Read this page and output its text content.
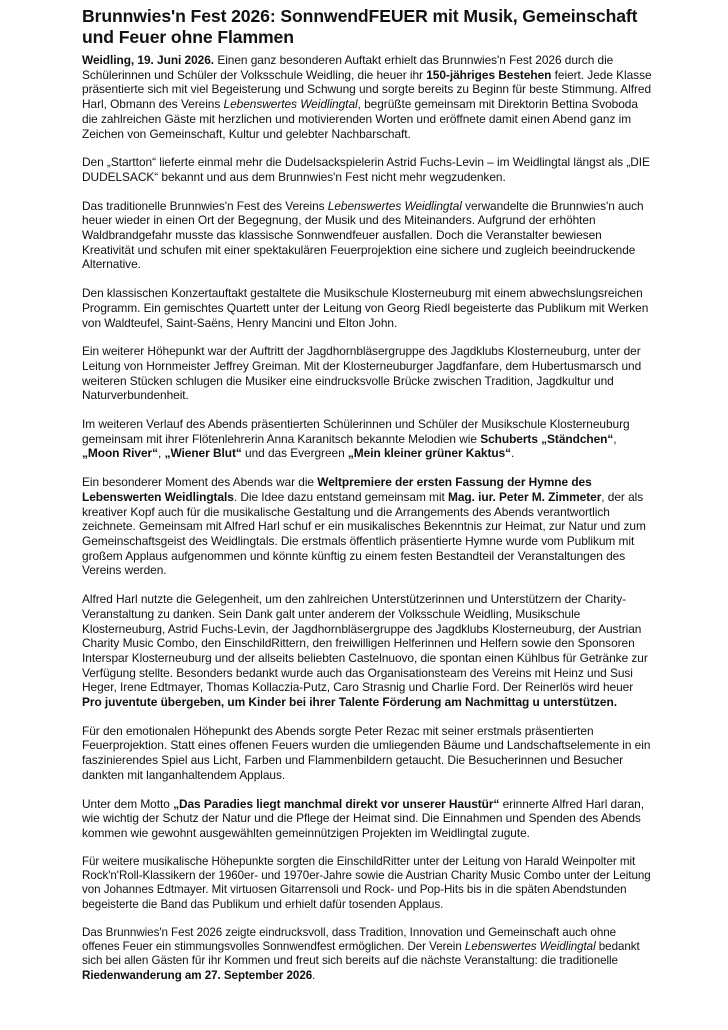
Brunnwies'n Fest 2026: SonnwendFEUER mit Musik, Gemeinschaft und Feuer ohne Flammen

Weidling, 19. Juni 2026. Einen ganz besonderen Auftakt erhielt das Brunnwies'n Fest 2026 durch die Schülerinnen und Schüler der Volksschule Weidling, die heuer ihr 150-jähriges Bestehen feiert. Jede Klasse präsentierte sich mit viel Begeisterung und Schwung und sorgte bereits zu Beginn für beste Stimmung. Alfred Harl, Obmann des Vereins Lebenswertes Weidlingtal, begrüßte gemeinsam mit Direktorin Bettina Svoboda die zahlreichen Gäste mit herzlichen und motivierenden Worten und eröffnete damit einen Abend ganz im Zeichen von Gemeinschaft, Kultur und gelebter Nachbarschaft.

Den „Startton“ lieferte einmal mehr die Dudelsackspielerin Astrid Fuchs-Levin – im Weidlingtal längst als „DIE DUDELSACK“ bekannt und aus dem Brunnwies'n Fest nicht mehr wegzudenken.

Das traditionelle Brunnwies'n Fest des Vereins Lebenswertes Weidlingtal verwandelte die Brunnwies'n auch heuer wieder in einen Ort der Begegnung, der Musik und des Miteinanders. Aufgrund der erhöhten Waldbrandgefahr musste das klassische Sonnwendfeuer ausfallen. Doch die Veranstalter bewiesen Kreativität und schufen mit einer spektakulären Feuerprojektion eine sichere und zugleich beeindruckende Alternative.

Den klassischen Konzertauftakt gestaltete die Musikschule Klosterneuburg mit einem abwechslungsreichen Programm. Ein gemischtes Quartett unter der Leitung von Georg Riedl begeisterte das Publikum mit Werken von Waldteufel, Saint-Saëns, Henry Mancini und Elton John.

Ein weiterer Höhepunkt war der Auftritt der Jagdhornbläsergruppe des Jagdklubs Klosterneuburg, unter der Leitung von Hornmeister Jeffrey Greiman. Mit der Klosterneuburger Jagdfanfare, dem Hubertusmarsch und weiteren Stücken schlugen die Musiker eine eindrucksvolle Brücke zwischen Tradition, Jagdkultur und Naturverbundenheit.

Im weiteren Verlauf des Abends präsentierten Schülerinnen und Schüler der Musikschule Klosterneuburg gemeinsam mit ihrer Flötenlehrerin Anna Karanitsch bekannte Melodien wie Schuberts „Ständchen“, „Moon River“, „Wiener Blut“ und das Evergreen „Mein kleiner grüner Kaktus“.

Ein besonderer Moment des Abends war die Weltpremiere der ersten Fassung der Hymne des Lebenswerten Weidlingtals. Die Idee dazu entstand gemeinsam mit Mag. iur. Peter M. Zimmeter, der als kreativer Kopf auch für die musikalische Gestaltung und die Arrangements des Abends verantwortlich zeichnete. Gemeinsam mit Alfred Harl schuf er ein musikalisches Bekenntnis zur Heimat, zur Natur und zum Gemeinschaftsgeist des Weidlingtals. Die erstmals öffentlich präsentierte Hymne wurde vom Publikum mit großem Applaus aufgenommen und könnte künftig zu einem festen Bestandteil der Veranstaltungen des Vereins werden.

Alfred Harl nutzte die Gelegenheit, um den zahlreichen Unterstützerinnen und Unterstützern der Charity-Veranstaltung zu danken. Sein Dank galt unter anderem der Volksschule Weidling, Musikschule Klosterneuburg, Astrid Fuchs-Levin, der Jagdhornbläsergruppe des Jagdklubs Klosterneuburg, der Austrian Charity Music Combo, den EinschildRittern, den freiwilligen Helferinnen und Helfern sowie den Sponsoren Interspar Klosterneuburg und der allseits beliebten Castelnuovo, die spontan einen Kühlbus für Getränke zur Verfügung stellte. Besonders bedankt wurde auch das Organisationsteam des Vereins mit Heinz und Susi Heger, Irene Edtmayer, Thomas Kollaczia-Putz, Caro Strasnig und Charlie Ford. Der Reinerlös wird heuer Pro juventute übergeben, um Kinder bei ihrer Talente Förderung am Nachmittag u unterstützen.

Für den emotionalen Höhepunkt des Abends sorgte Peter Rezac mit seiner erstmals präsentierten Feuerprojektion. Statt eines offenen Feuers wurden die umliegenden Bäume und Landschaftselemente in ein faszinierendes Spiel aus Licht, Farben und Flammenbildern getaucht. Die Besucherinnen und Besucher dankten mit langanhaltendem Applaus.

Unter dem Motto „Das Paradies liegt manchmal direkt vor unserer Haustür“ erinnerte Alfred Harl daran, wie wichtig der Schutz der Natur und die Pflege der Heimat sind. Die Einnahmen und Spenden des Abends kommen wie gewohnt ausgewählten gemeinnützigen Projekten im Weidlingtal zugute.

Für weitere musikalische Höhepunkte sorgten die EinschildRitter unter der Leitung von Harald Weinpolter mit Rock'n'Roll-Klassikern der 1960er- und 1970er-Jahre sowie die Austrian Charity Music Combo unter der Leitung von Johannes Edtmayer. Mit virtuosen Gitarrensoli und Rock- und Pop-Hits bis in die späten Abendstunden begeisterte die Band das Publikum und erhielt dafür tosenden Applaus.

Das Brunnwies'n Fest 2026 zeigte eindrucksvoll, dass Tradition, Innovation und Gemeinschaft auch ohne offenes Feuer ein stimmungsvolles Sonnwendfest ermöglichen. Der Verein Lebenswertes Weidlingtal bedankt sich bei allen Gästen für ihr Kommen und freut sich bereits auf die nächste Veranstaltung: die traditionelle Riedenwanderung am 27. September 2026.
